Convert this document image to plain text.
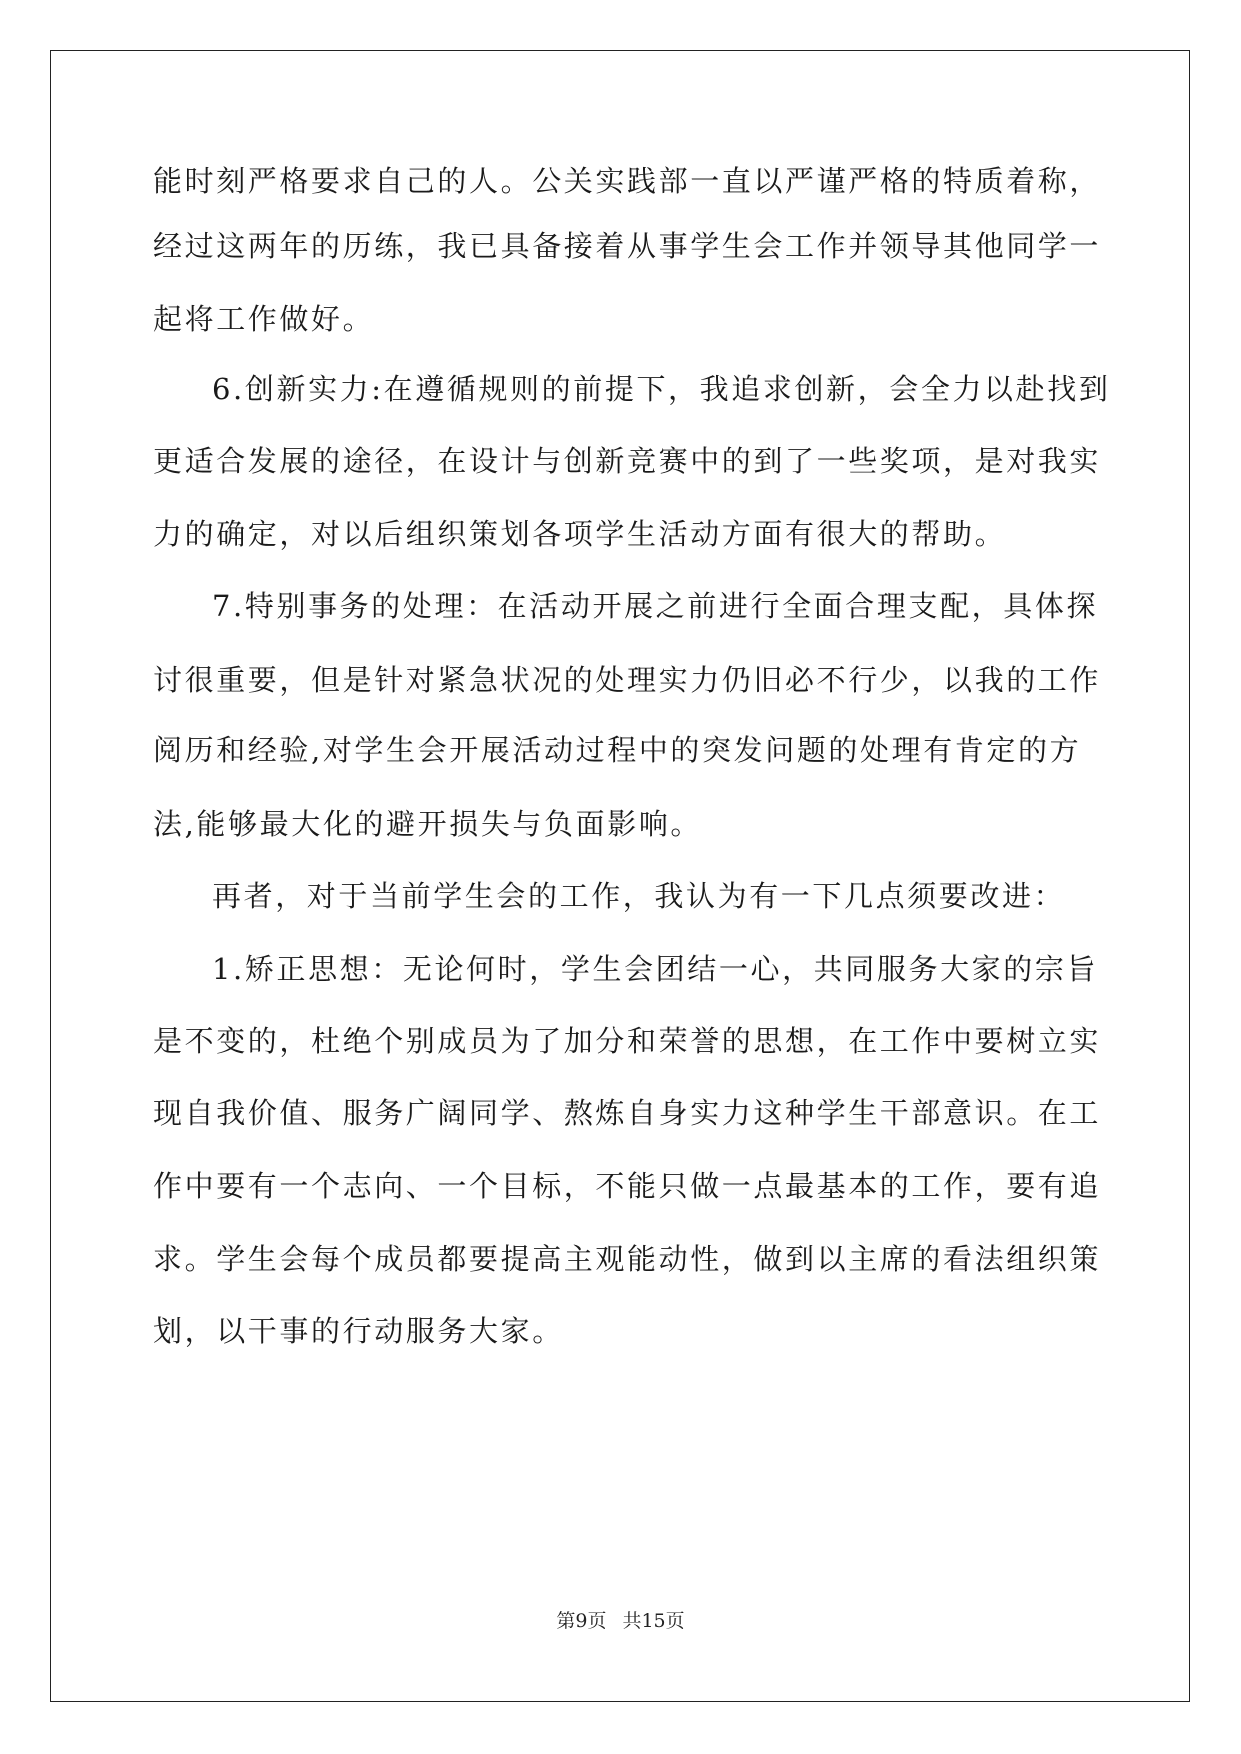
能时刻严格要求自己的人。公关实践部一直以严谨严格的特质着称，
经过这两年的历练，我已具备接着从事学生会工作并领导其他同学一
起将工作做好。
6.创新实力:在遵循规则的前提下，我追求创新，会全力以赴找到
更适合发展的途径，在设计与创新竞赛中的到了一些奖项，是对我实
力的确定，对以后组织策划各项学生活动方面有很大的帮助。
7.特别事务的处理：在活动开展之前进行全面合理支配，具体探
讨很重要，但是针对紧急状况的处理实力仍旧必不行少，以我的工作
阅历和经验,对学生会开展活动过程中的突发问题的处理有肯定的方
法,能够最大化的避开损失与负面影响。
再者，对于当前学生会的工作，我认为有一下几点须要改进：
1.矫正思想：无论何时，学生会团结一心，共同服务大家的宗旨
是不变的，杜绝个别成员为了加分和荣誉的思想，在工作中要树立实
现自我价值、服务广阔同学、熬炼自身实力这种学生干部意识。在工
作中要有一个志向、一个目标，不能只做一点最基本的工作，要有追
求。学生会每个成员都要提高主观能动性，做到以主席的看法组织策
划，以干事的行动服务大家。
第9页 共15页
